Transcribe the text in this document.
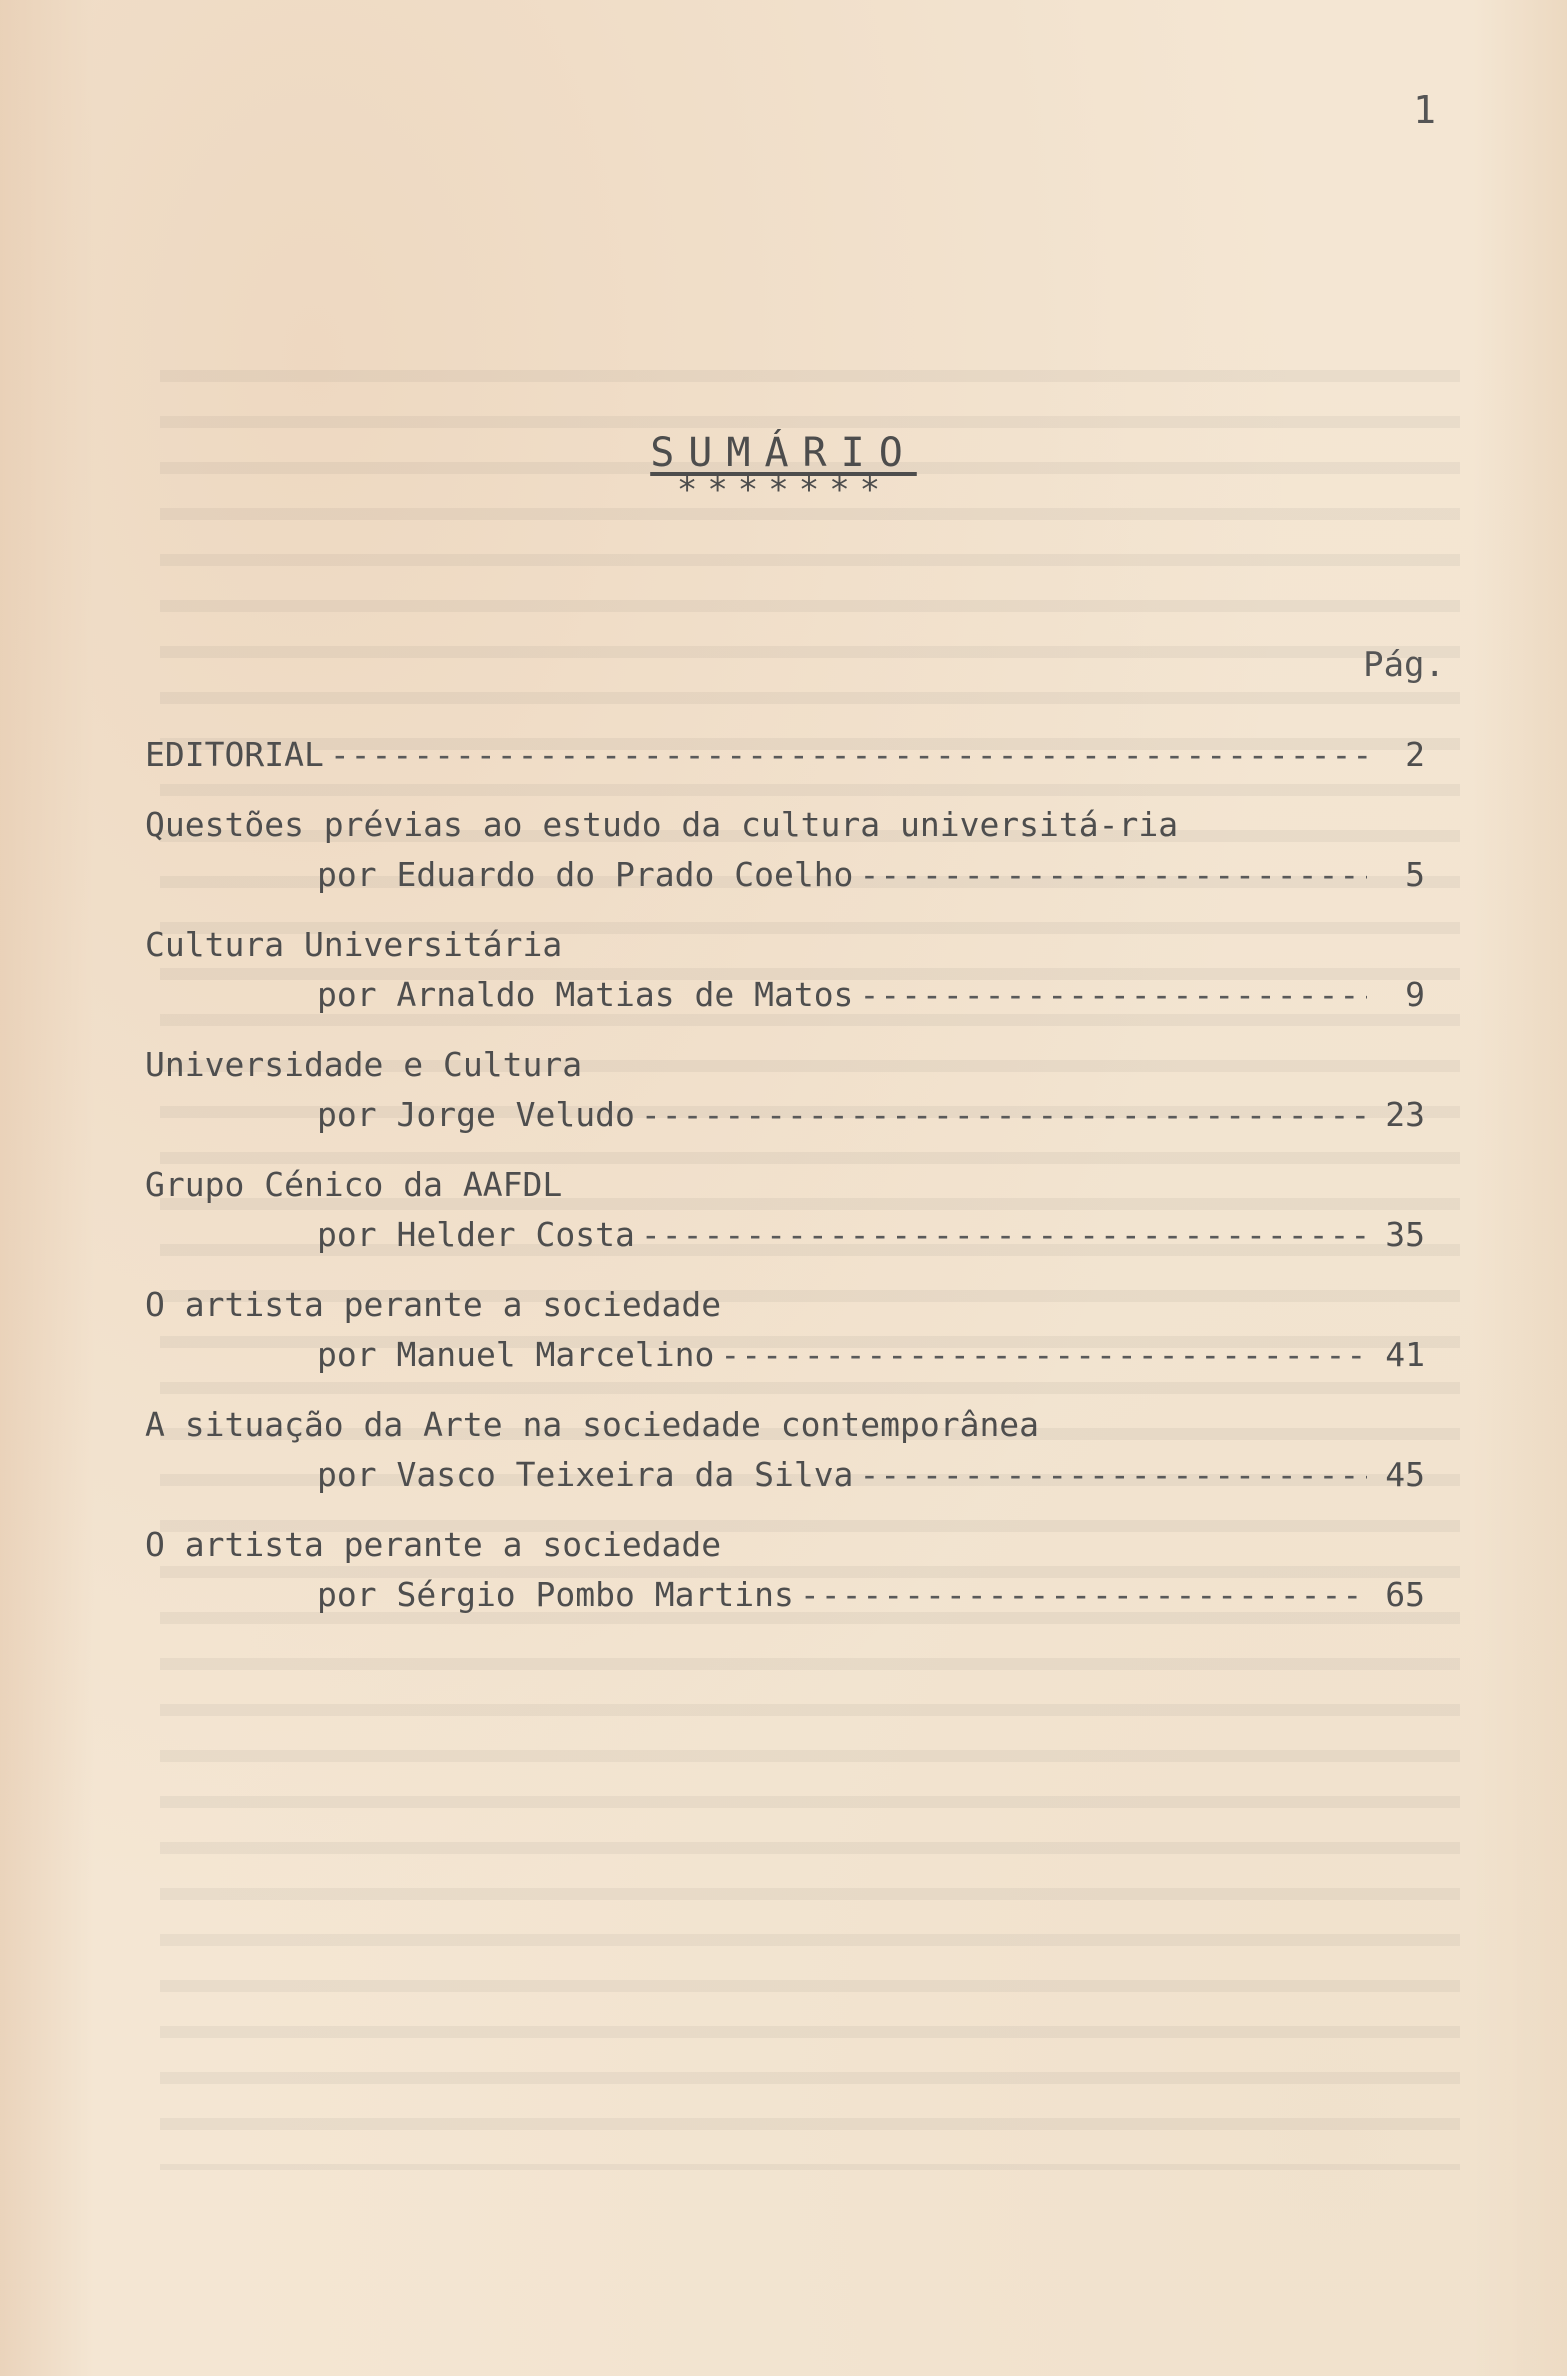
1
SUMÁRIO
*******
Pág.
EDITORIAL -----	2
Questões prévias ao estudo da cultura universitá-ria
por Eduardo do Prado Coelho -----	5
Cultura Universitária
por Arnaldo Matias de Matos -----	9
Universidade e Cultura
por Jorge Veludo -----	23
Grupo Cénico da AAFDL
por Helder Costa -----	35
O artista perante a sociedade
por Manuel Marcelino -----	41
A situação da Arte na sociedade contemporânea
por Vasco Teixeira da Silva -----	45
O artista perante a sociedade
por Sérgio Pombo Martins -----	65
